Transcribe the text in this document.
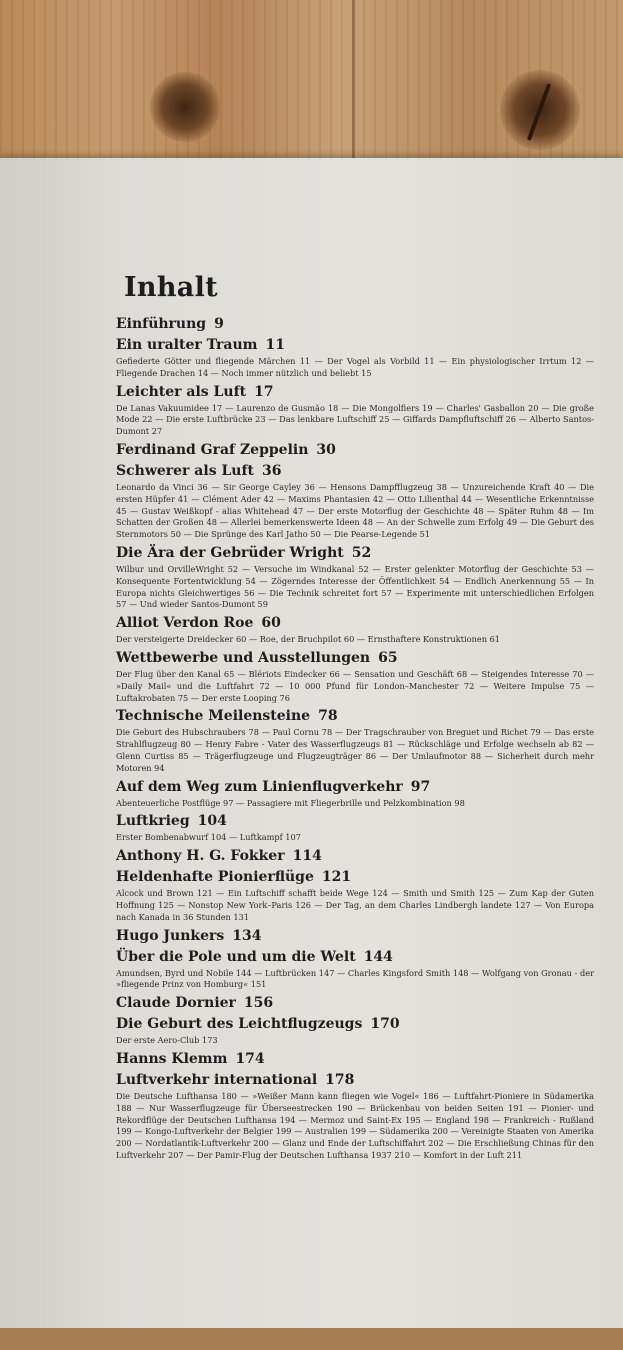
Inhalt
Einführung 9
Ein uralter Traum 11
Gefiederte Götter und fliegende Märchen 11 — Der Vogel als Vorbild 11 — Ein physiologischer Irrtum 12 — Fliegende Drachen 14 — Noch immer nützlich und beliebt 15
Leichter als Luft 17
De Lanas Vakuumidee 17 — Laurenzo de Gusmão 18 — Die Mongolfiers 19 — Charles' Gasballon 20 — Die große Mode 22 — Die erste Luftbrücke 23 — Das lenkbare Luftschiff 25 — Giffards Dampfluftschiff 26 — Alberto Santos-Dumont 27
Ferdinand Graf Zeppelin 30
Schwerer als Luft 36
Leonardo da Vinci 36 — Sir George Cayley 36 — Hensons Dampfflugzeug 38 — Unzureichende Kraft 40 — Die ersten Hüpfer 41 — Clément Ader 42 — Maxims Phantasien 42 — Otto Lilienthal 44 — Wesentliche Erkenntnisse 45 — Gustav Weißkopf - alias Whitehead 47 — Der erste Motorflug der Geschichte 48 — Später Ruhm 48 — Im Schatten der Großen 48 — Allerlei bemerkenswerte Ideen 48 — An der Schwelle zum Erfolg 49 — Die Geburt des Sternmotors 50 — Die Sprünge des Karl Jatho 50 — Die Pearse-Legende 51
Die Ära der Gebrüder Wright 52
Wilbur und OrvilleWright 52 — Versuche im Windkanal 52 — Erster gelenkter Motorflug der Geschichte 53 — Konsequente Fortentwicklung 54 — Zögerndes Interesse der Öffentlichkeit 54 — Endlich Anerkennung 55 — In Europa nichts Gleichwertiges 56 — Die Technik schreitet fort 57 — Experimente mit unterschiedlichen Erfolgen 57 — Und wieder Santos-Dumont 59
Alliot Verdon Roe 60
Der versteigerte Dreidecker 60 — Roe, der Bruchpilot 60 — Ernsthaftere Konstruktionen 61
Wettbewerbe und Ausstellungen 65
Der Flug über den Kanal 65 — Blériots Eindecker 66 — Sensation und Geschäft 68 — Steigendes Interesse 70 — »Daily Mail« und die Luftfahrt 72 — 10 000 Pfund für London–Manchester 72 — Weitere Impulse 75 — Luftakrobaten 75 — Der erste Looping 76
Technische Meilensteine 78
Die Geburt des Hubschraubers 78 — Paul Cornu 78 — Der Tragschrauber von Breguet und Richet 79 — Das erste Strahlflugzeug 80 — Henry Fabre - Vater des Wasserflugzeugs 81 — Rückschläge und Erfolge wechseln ab 82 — Glenn Curtiss 85 — Trägerflugzeuge und Flugzeugträger 86 — Der Umlaufmotor 88 — Sicherheit durch mehr Motoren 94
Auf dem Weg zum Linienflugverkehr 97
Abenteuerliche Postflüge 97 — Passagiere mit Fliegerbrille und Pelzkombination 98
Luftkrieg 104
Erster Bombenabwurf 104 — Luftkampf 107
Anthony H. G. Fokker 114
Heldenhafte Pionierflüge 121
Alcock und Brown 121 — Ein Luftschiff schafft beide Wege 124 — Smith und Smith 125 — Zum Kap der Guten Hoffnung 125 — Nonstop New York–Paris 126 — Der Tag, an dem Charles Lindbergh landete 127 — Von Europa nach Kanada in 36 Stunden 131
Hugo Junkers 134
Über die Pole und um die Welt 144
Amundsen, Byrd und Nobile 144 — Luftbrücken 147 — Charles Kingsford Smith 148 — Wolfgang von Gronau - der »fliegende Prinz von Homburg« 151
Claude Dornier 156
Die Geburt des Leichtflugzeugs 170
Der erste Aero-Club 173
Hanns Klemm 174
Luftverkehr international 178
Die Deutsche Lufthansa 180 — »Weißer Mann kann fliegen wie Vogel« 186 — Luftfahrt-Pioniere in Südamerika 188 — Nur Wasserflugzeuge für Überseestrecken 190 — Brückenbau von beiden Seiten 191 — Pionier- und Rekordflüge der Deutschen Lufthansa 194 — Mermoz und Saint-Ex 195 — England 198 — Frankreich - Rußland 199 — Kongo-Luftverkehr der Belgier 199 — Australien 199 — Südamerika 200 — Vereinigte Staaten von Amerika 200 — Nordatlantik-Luftverkehr 200 — Glanz und Ende der Luftschiffahrt 202 — Die Erschließung Chinas für den Luftverkehr 207 — Der Pamir-Flug der Deutschen Lufthansa 1937 210 — Komfort in der Luft 211
